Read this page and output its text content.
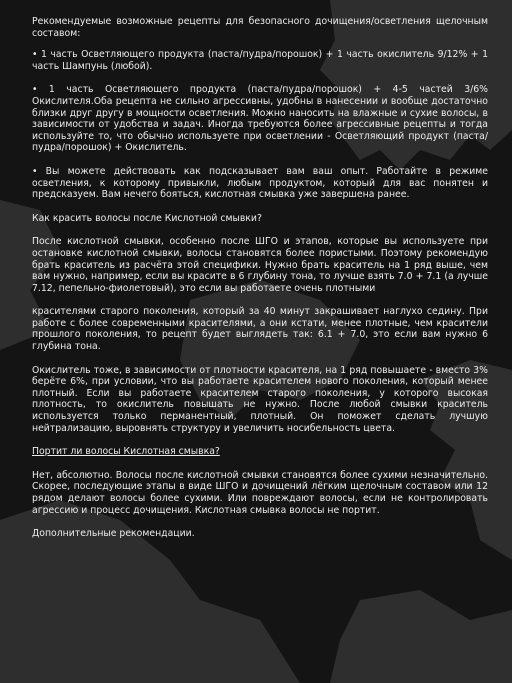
Рекомендуемые возможные рецепты для безопасного дочищения/осветления щелочным составом:

• 1 часть Осветляющего продукта (паста/пудра/порошок) + 1 часть окислитель 9/12% + 1 часть Шампунь (любой).

• 1 часть Осветляющего продукта (паста/пудра/порошок) + 4-5 частей 3/6% Окислителя.Оба рецепта не сильно агрессивны, удобны в нанесении и вообще достаточно близки друг другу в мощности осветления. Можно наносить на влажные и сухие волосы, в зависимости от удобства и задач. Иногда требуются более агрессивные рецепты и тогда используйте то, что обычно используете при осветлении - Осветляющий продукт (паста/пудра/порошок) + Окислитель.

• Вы можете действовать как подсказывает вам ваш опыт. Работайте в режиме осветления, к которому привыкли, любым продуктом, который для вас понятен и предсказуем. Вам нечего бояться, кислотная смывка уже завершена ранее.

Как красить волосы после Кислотной смывки?

После кислотной смывки, особенно после ШГО и этапов, которые вы используете при остановке кислотной смывки, волосы становятся более пористыми. Поэтому рекомендую брать краситель из расчёта этой специфики. Нужно брать краситель на 1 ряд выше, чем вам нужно, например, если вы красите в 6 глубину тона, то лучше взять 7.0 + 7.1 (а лучше 7.12, пепельно-фиолетовый), это если вы работаете очень плотными

красителями старого поколения, который за 40 минут закрашивает наглухо седину. При работе с более современными красителями, а они кстати, менее плотные, чем красители прошлого поколения, то рецепт будет выглядеть так: 6.1 + 7.0, это если вам нужно 6 глубина тона.

Окислитель тоже, в зависимости от плотности красителя, на 1 ряд повышаете - вместо 3% берёте 6%, при условии, что вы работаете красителем нового поколения, который менее плотный. Если вы работаете красителем старого поколения, у которого высокая плотность, то окислитель повышать не нужно. После любой смывки краситель используется только перманентный, плотный. Он поможет сделать лучшую нейтрализацию, выровнять структуру и увеличить носибельность цвета.

Портит ли волосы Кислотная смывка?

Нет, абсолютно. Волосы после кислотной смывки становятся более сухими незначительно. Скорее, последующие этапы в виде ШГО и дочищений лёгким щелочным составом или 12 рядом делают волосы более сухими. Или повреждают волосы, если не контролировать агрессию и процесс дочищения. Кислотная смывка волосы не портит.

Дополнительные рекомендации.
